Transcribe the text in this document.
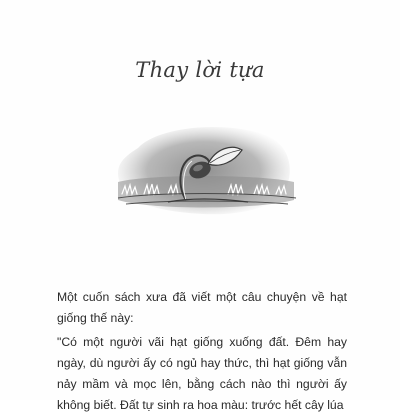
Thay lời tựa

Một cuốn sách xưa đã viết một câu chuyện về hạt giống thế này:

"Có một người vãi hạt giống xuống đất. Đêm hay ngày, dù người ấy có ngủ hay thức, thì hạt giống vẫn nảy mầm và mọc lên, bằng cách nào thì người ấy không biết. Đất tự sinh ra hoa màu: trước hết cây lúa
